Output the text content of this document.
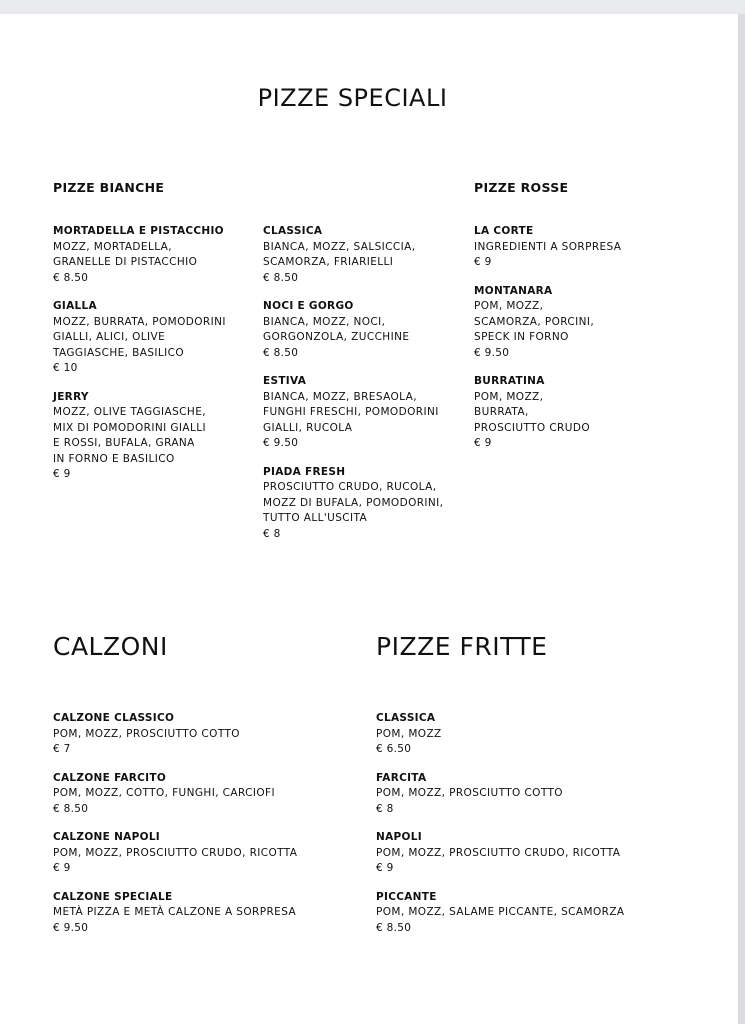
PIZZE SPECIALI
PIZZE BIANCHE	PIZZE ROSSE
MORTADELLA E PISTACCHIO
MOZZ, MORTADELLA,
GRANELLE DI PISTACCHIO
€ 8.50
GIALLA
MOZZ, BURRATA, POMODORINI
GIALLI, ALICI, OLIVE
TAGGIASCHE, BASILICO
€ 10
JERRY
MOZZ, OLIVE TAGGIASCHE,
MIX DI POMODORINI GIALLI
E ROSSI, BUFALA, GRANA
IN FORNO E BASILICO
€ 9
CLASSICA
BIANCA, MOZZ, SALSICCIA,
SCAMORZA, FRIARIELLI
€ 8.50
NOCI E GORGO
BIANCA, MOZZ, NOCI,
GORGONZOLA, ZUCCHINE
€ 8.50
ESTIVA
BIANCA, MOZZ, BRESAOLA,
FUNGHI FRESCHI, POMODORINI
GIALLI, RUCOLA
€ 9.50
PIADA FRESH
PROSCIUTTO CRUDO, RUCOLA,
MOZZ DI BUFALA, POMODORINI,
TUTTO ALL'USCITA
€ 8
LA CORTE
INGREDIENTI A SORPRESA
€ 9
MONTANARA
POM, MOZZ,
SCAMORZA, PORCINI,
SPECK IN FORNO
€ 9.50
BURRATINA
POM, MOZZ,
BURRATA,
PROSCIUTTO CRUDO
€ 9
CALZONI	PIZZE FRITTE
CALZONE CLASSICO
POM, MOZZ, PROSCIUTTO COTTO
€ 7
CALZONE FARCITO
POM, MOZZ, COTTO, FUNGHI, CARCIOFI
€ 8.50
CALZONE NAPOLI
POM, MOZZ, PROSCIUTTO CRUDO, RICOTTA
€ 9
CALZONE SPECIALE
METÀ PIZZA E METÀ CALZONE A SORPRESA
€ 9.50
CLASSICA
POM, MOZZ
€ 6.50
FARCITA
POM, MOZZ, PROSCIUTTO COTTO
€ 8
NAPOLI
POM, MOZZ, PROSCIUTTO CRUDO, RICOTTA
€ 9
PICCANTE
POM, MOZZ, SALAME PICCANTE, SCAMORZA
€ 8.50
